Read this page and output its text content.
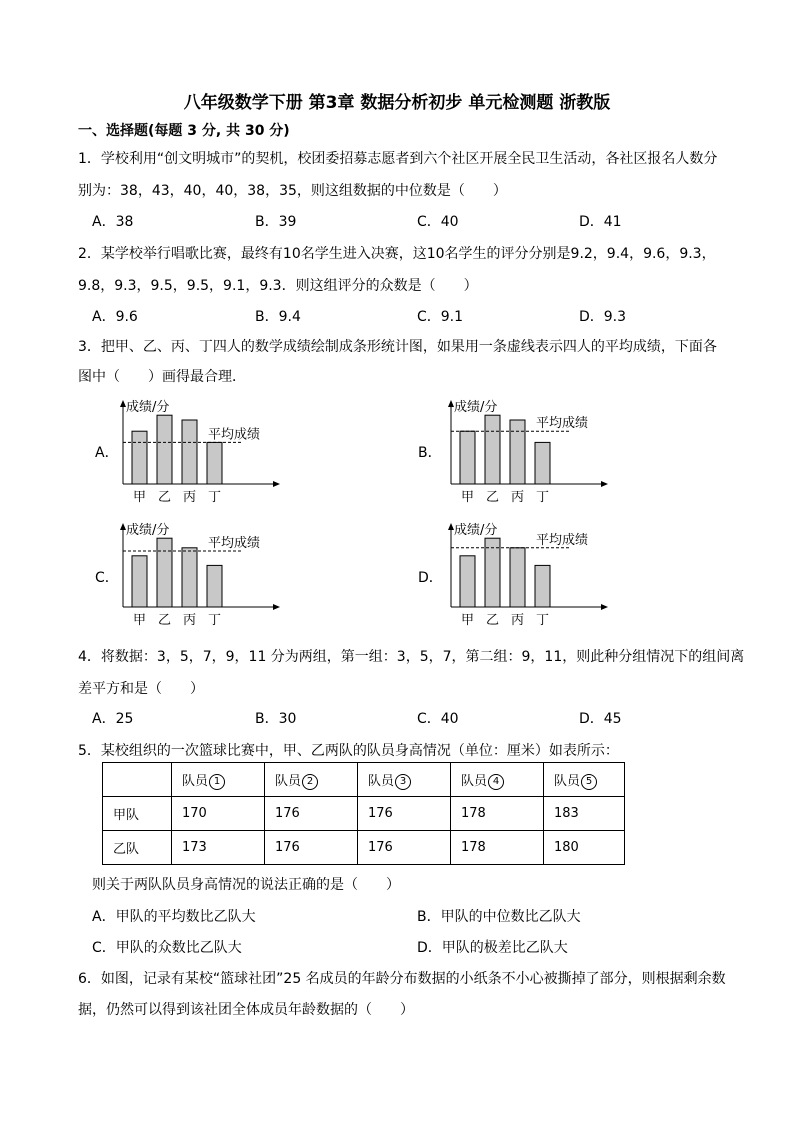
八年级数学下册 第3章 数据分析初步 单元检测题 浙教版
一、选择题(每题 3 分, 共 30 分)
1．学校利用“创文明城市”的契机，校团委招募志愿者到六个社区开展全民卫生活动，各社区报名人数分
别为：38，43，40，40，38，35，则这组数据的中位数是（　　）
A．38	B．39	C．40	D．41
2．某学校举行唱歌比赛，最终有10名学生进入决赛，这10名学生的评分分别是9.2，9.4，9.6，9.3，
9.8，9.3，9.5，9.5，9.1，9.3．则这组评分的众数是（　　）
A．9.6	B．9.4	C．9.1	D．9.3
3．把甲、乙、丙、丁四人的数学成绩绘制成条形统计图，如果用一条虚线表示四人的平均成绩，下面各
图中（　　）画得最合理．
A．	B．
C．	D．
成绩/分
甲 乙 丙 丁
平均成绩
成绩/分
甲 乙 丙 丁
平均成绩
成绩/分
甲 乙 丙 丁
平均成绩
成绩/分
甲 乙 丙 丁
平均成绩
4．将数据：3，5，7，9，11 分为两组，第一组：3，5，7，第二组：9，11，则此种分组情况下的组间离
差平方和是（　　）
A．25	B．30	C．40	D．45
5．某校组织的一次篮球比赛中，甲、乙两队的队员身高情况（单位：厘米）如表所示：
	队员 1	队员 2	队员 3	队员 4	队员 5
甲队	170	176	176	178	183
乙队	173	176	176	178	180
则关于两队队员身高情况的说法正确的是（　　）
A．甲队的平均数比乙队大	B．甲队的中位数比乙队大
C．甲队的众数比乙队大	D．甲队的极差比乙队大
6．如图，记录有某校“篮球社团”25 名成员的年龄分布数据的小纸条不小心被撕掉了部分，则根据剩余数
据，仍然可以得到该社团全体成员年龄数据的（　　）
